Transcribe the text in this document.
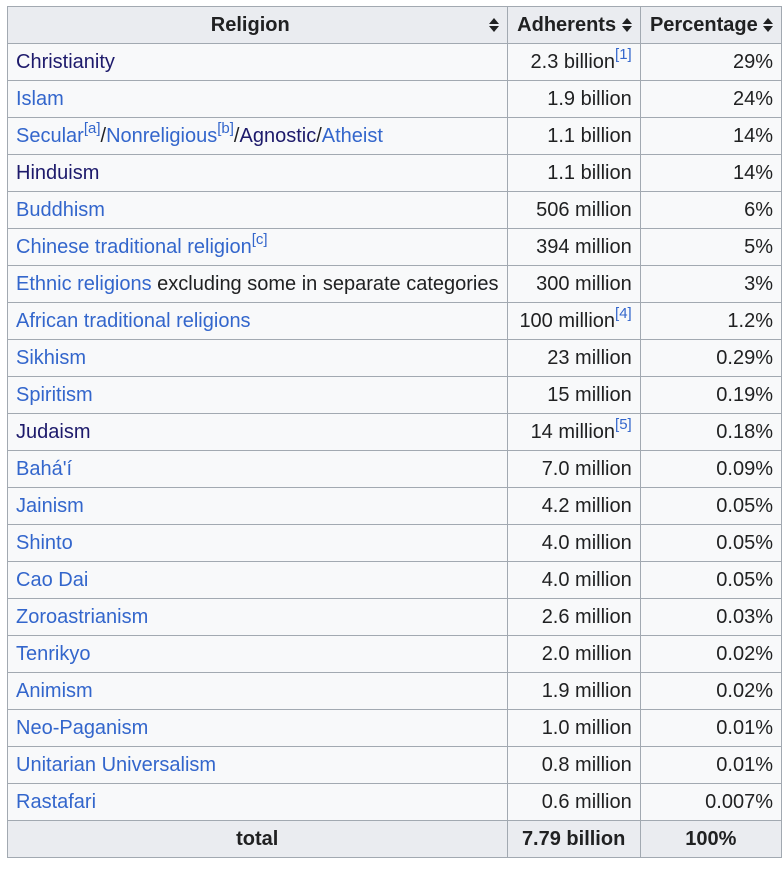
Religion	Adherents	Percentage

Christianity	2.3 billion[1]	29%
Islam	1.9 billion	24%
Secular[a]/Nonreligious[b]/Agnostic/Atheist	1.1 billion	14%
Hinduism	1.1 billion	14%
Buddhism	506 million	6%
Chinese traditional religion[c]	394 million	5%
Ethnic religions excluding some in separate categories	300 million	3%
African traditional religions	100 million[4]	1.2%
Sikhism	23 million	0.29%
Spiritism	15 million	0.19%
Judaism	14 million[5]	0.18%
Bahá'í	7.0 million	0.09%
Jainism	4.2 million	0.05%
Shinto	4.0 million	0.05%
Cao Dai	4.0 million	0.05%
Zoroastrianism	2.6 million	0.03%
Tenrikyo	2.0 million	0.02%
Animism	1.9 million	0.02%
Neo-Paganism	1.0 million	0.01%
Unitarian Universalism	0.8 million	0.01%
Rastafari	0.6 million	0.007%
total	7.79 billion	100%
